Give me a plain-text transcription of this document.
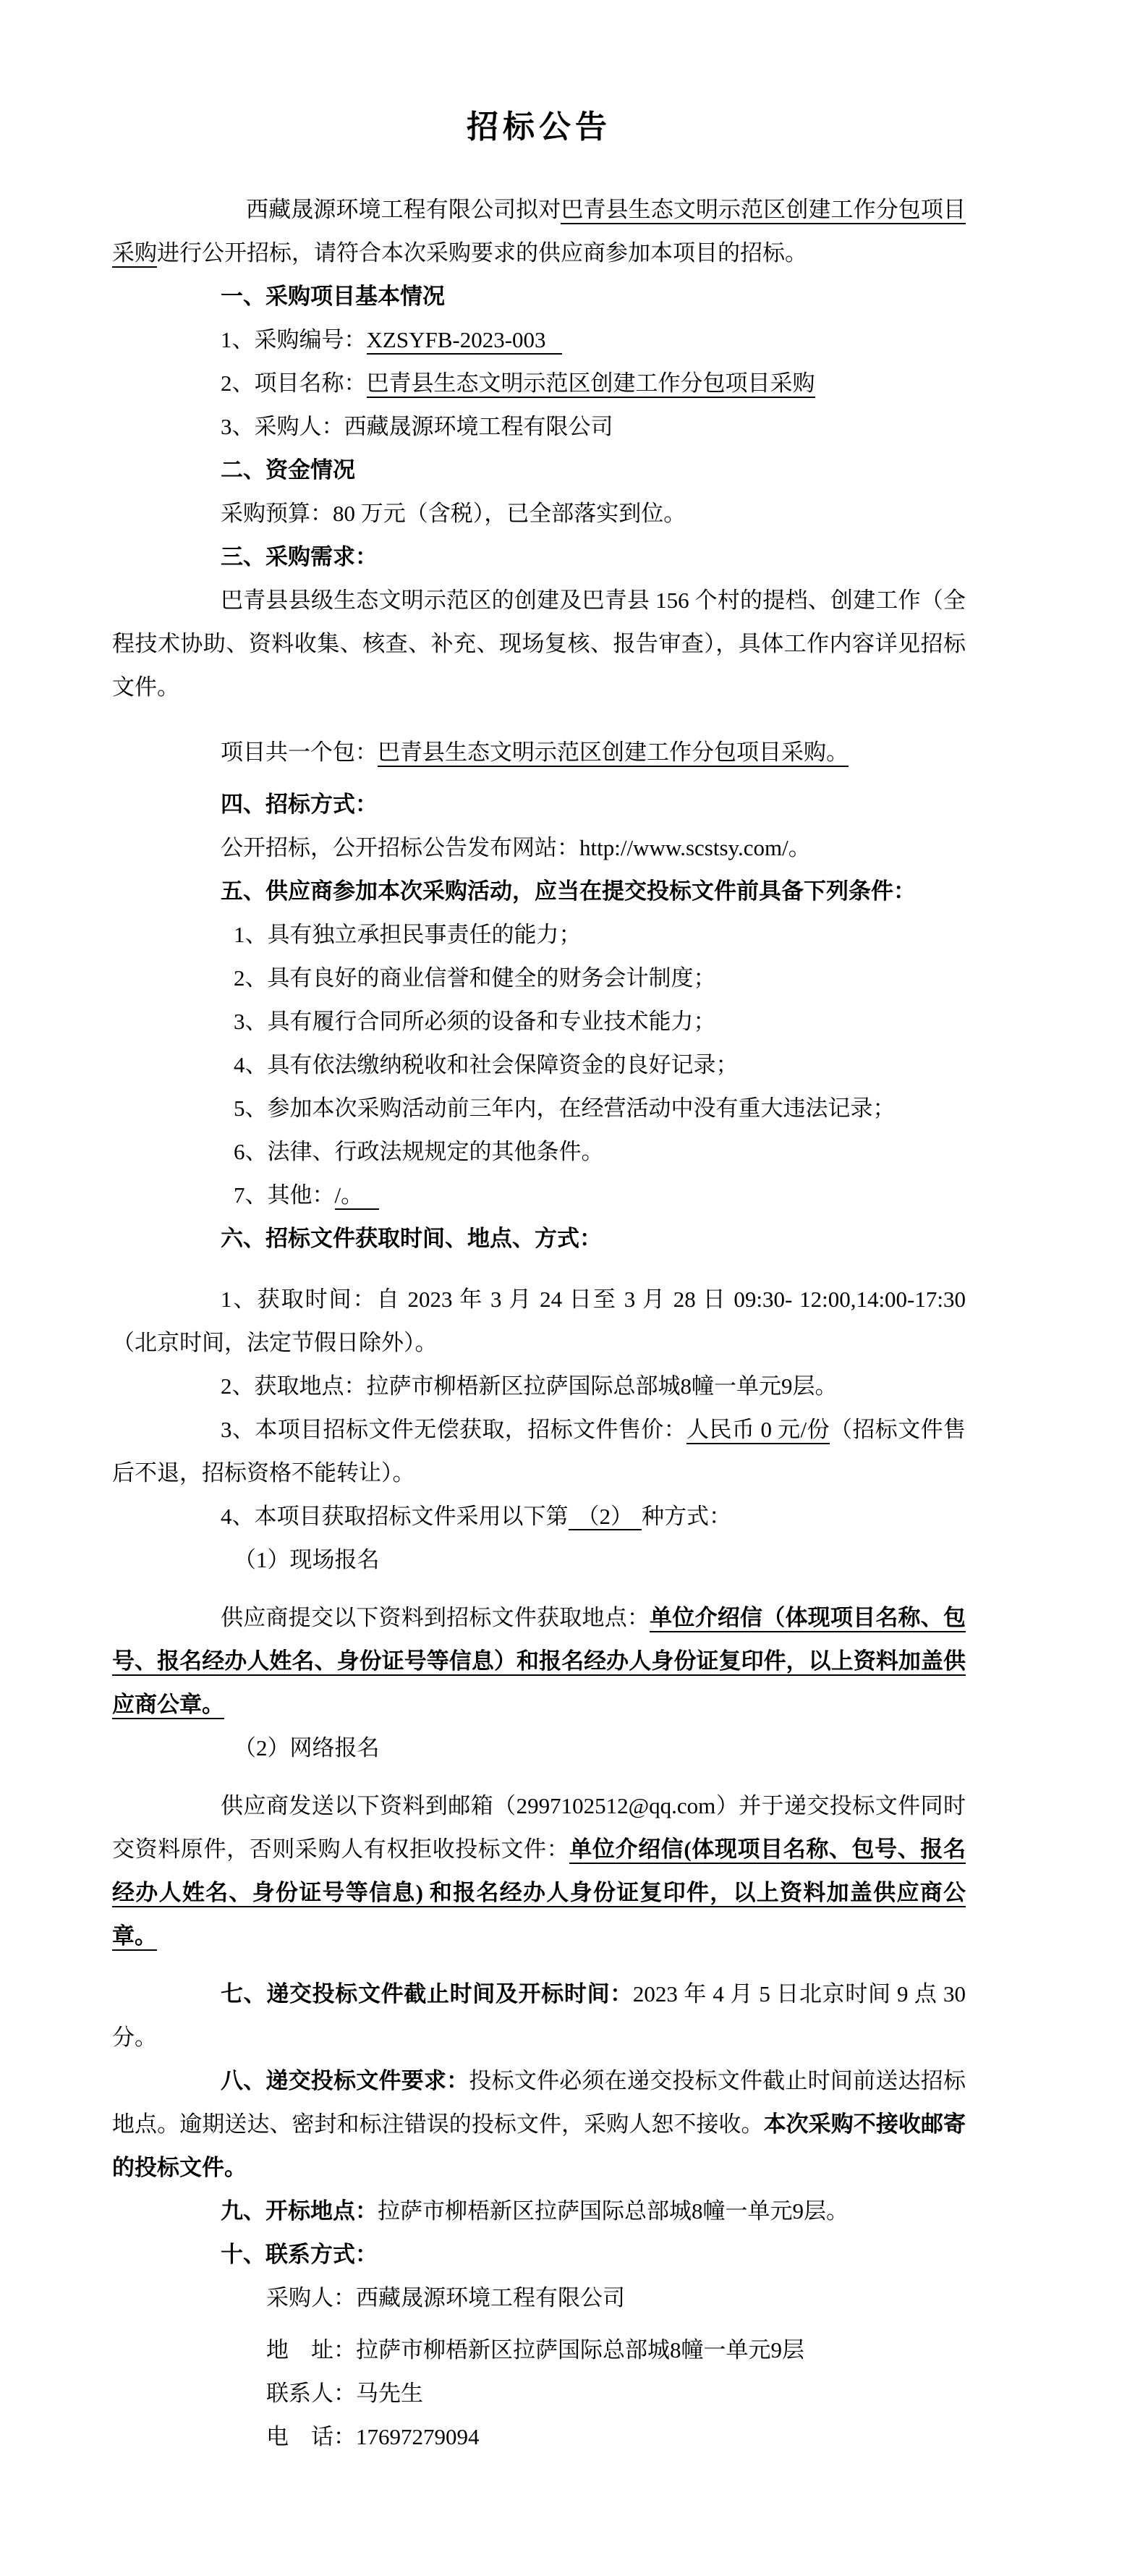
招标公告

西藏晟源环境工程有限公司拟对巴青县生态文明示范区创建工作分包项目采购进行公开招标，请符合本次采购要求的供应商参加本项目的招标。

一、采购项目基本情况

1、采购编号：XZSYFB-2023-003

2、项目名称：巴青县生态文明示范区创建工作分包项目采购

3、采购人：西藏晟源环境工程有限公司

二、资金情况

采购预算：80 万元（含税），已全部落实到位。

三、采购需求：

巴青县县级生态文明示范区的创建及巴青县 156 个村的提档、创建工作（全程技术协助、资料收集、核查、补充、现场复核、报告审查），具体工作内容详见招标文件。

项目共一个包：巴青县生态文明示范区创建工作分包项目采购。

四、招标方式：

公开招标，公开招标公告发布网站：http://www.scstsy.com/。

五、供应商参加本次采购活动，应当在提交投标文件前具备下列条件：

1、具有独立承担民事责任的能力；

2、具有良好的商业信誉和健全的财务会计制度；

3、具有履行合同所必须的设备和专业技术能力；

4、具有依法缴纳税收和社会保障资金的良好记录；

5、参加本次采购活动前三年内，在经营活动中没有重大违法记录；

6、法律、行政法规规定的其他条件。

7、其他：/。

六、招标文件获取时间、地点、方式：

1、获取时间：自 2023 年 3 月 24 日至 3 月 28 日 09:30- 12:00,14:00-17:30（北京时间，法定节假日除外）。

2、获取地点：拉萨市柳梧新区拉萨国际总部城8幢一单元9层。

3、本项目招标文件无偿获取，招标文件售价：人民币 0 元/份（招标文件售后不退，招标资格不能转让）。

4、本项目获取招标文件采用以下第 （2） 种方式：

（1）现场报名

供应商提交以下资料到招标文件获取地点：单位介绍信（体现项目名称、包号、报名经办人姓名、身份证号等信息）和报名经办人身份证复印件，以上资料加盖供应商公章。

（2）网络报名

供应商发送以下资料到邮箱（2997102512@qq.com）并于递交投标文件同时交资料原件，否则采购人有权拒收投标文件：单位介绍信(体现项目名称、包号、报名经办人姓名、身份证号等信息) 和报名经办人身份证复印件，以上资料加盖供应商公章。

七、递交投标文件截止时间及开标时间：2023 年 4 月 5 日北京时间 9 点 30 分。

八、递交投标文件要求：投标文件必须在递交投标文件截止时间前送达招标地点。逾期送达、密封和标注错误的投标文件，采购人恕不接收。本次采购不接收邮寄的投标文件。

九、开标地点：拉萨市柳梧新区拉萨国际总部城8幢一单元9层。

十、联系方式：

采购人：西藏晟源环境工程有限公司

地　址：拉萨市柳梧新区拉萨国际总部城8幢一单元9层

联系人：马先生

电　话：17697279094
